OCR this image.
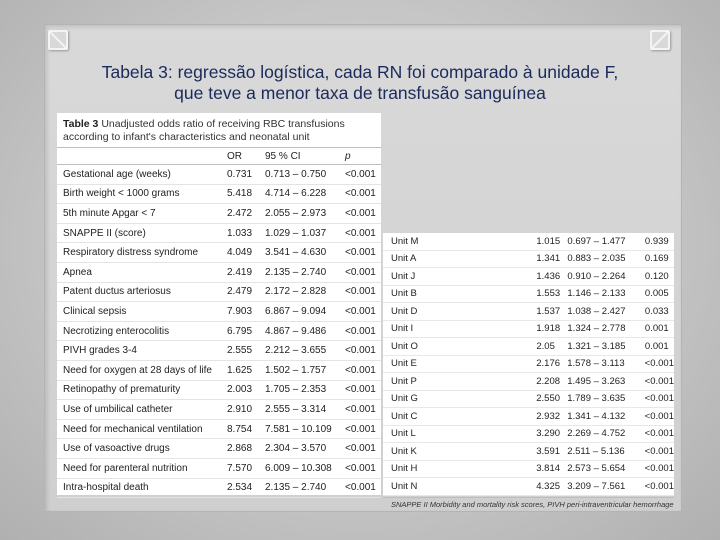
Tabela 3: regressão logística, cada RN foi comparado à unidade F,
que teve a menor taxa de transfusão sanguínea
Table 3 Unadjusted odds ratio of receiving RBC transfusions according to infant's characteristics and neonatal unit
OR	95 % CI	p
Gestational age (weeks)	0.731	0.713 – 0.750	<0.001
Birth weight < 1000 grams	5.418	4.714 – 6.228	<0.001
5th minute Apgar < 7	2.472	2.055 – 2.973	<0.001
SNAPPE II (score)	1.033	1.029 – 1.037	<0.001
Respiratory distress syndrome	4.049	3.541 – 4.630	<0.001
Apnea	2.419	2.135 – 2.740	<0.001
Patent ductus arteriosus	2.479	2.172 – 2.828	<0.001
Clinical sepsis	7.903	6.867 – 9.094	<0.001
Necrotizing enterocolitis	6.795	4.867 – 9.486	<0.001
PIVH grades 3-4	2.555	2.212 – 3.655	<0.001
Need for oxygen at 28 days of life	1.625	1.502 – 1.757	<0.001
Retinopathy of prematurity	2.003	1.705 – 2.353	<0.001
Use of umbilical catheter	2.910	2.555 – 3.314	<0.001
Need for mechanical ventilation	8.754	7.581 – 10.109	<0.001
Use of vasoactive drugs	2.868	2.304 – 3.570	<0.001
Need for parenteral nutrition	7.570	6.009 – 10.308	<0.001
Intra-hospital death	2.534	2.135 – 2.740	<0.001
Unit M	1.015 0.697 – 1.477	0.939
Unit A	1.341 0.883 – 2.035	0.169
Unit J	1.436 0.910 – 2.264	0.120
Unit B	1.553 1.146 – 2.133	0.005
Unit D	1.537 1.038 – 2.427	0.033
Unit I	1.918 1.324 – 2.778	0.001
Unit O	2.05	1.321 – 3.185	0.001
Unit E	2.176 1.578 – 3.113	<0.001
Unit P	2.208 1.495 – 3.263	<0.001
Unit G	2.550 1.789 – 3.635	<0.001
Unit C	2.932 1.341 – 4.132	<0.001
Unit L	3.290 2.269 – 4.752	<0.001
Unit K	3.591 2.511 – 5.136	<0.001
Unit H	3.814 2.573 – 5.654	<0.001
Unit N	4.325 3.209 – 7.561	<0.001
SNAPPE II Morbidity and mortality risk scores, PIVH peri-intraventricular hemorrhage
